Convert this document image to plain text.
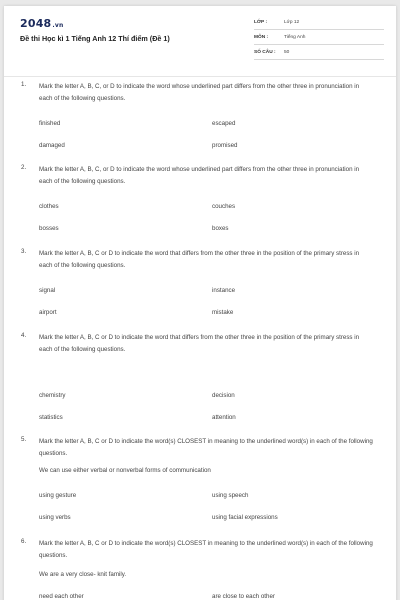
2048.vn
Đề thi Học kì 1 Tiếng Anh 12 Thí điểm (Đề 1)
LỚP :	Lớp 12
MÔN :	Tiếng Anh
SỐ CÂU :	50
1. Mark the letter A, B, C, or D to indicate the word whose underlined part differs from the other three in pronunciation in each of the following questions.
finished	escaped
damaged	promised
2. Mark the letter A, B, C, or D to indicate the word whose underlined part differs from the other three in pronunciation in each of the following questions.
clothes	couches
bosses	boxes
3. Mark the letter A, B, C or D to indicate the word that differs from the other three in the position of the primary stress in each of the following questions.
signal	instance
airport	mistake
4. Mark the letter A, B, C or D to indicate the word that differs from the other three in the position of the primary stress in each of the following questions.
chemistry	decision
statistics	attention
5. Mark the letter A, B, C or D to indicate the word(s) CLOSEST in meaning to the underlined word(s) in each of the following questions.
We can use either verbal or nonverbal forms of communication
using gesture	using speech
using verbs	using facial expressions
6. Mark the letter A, B, C or D to indicate the word(s) CLOSEST in meaning to the underlined word(s) in each of the following questions.
We are a very close- knit family.
need each other	are close to each other
